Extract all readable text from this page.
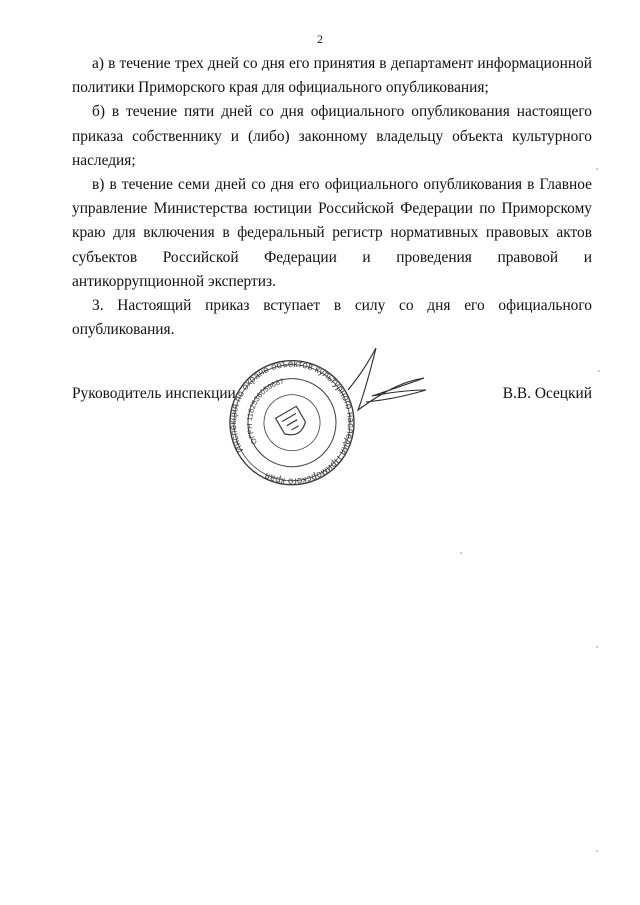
2

а) в течение трех дней со дня его принятия в департамент информационной политики Приморского края для официального опубликования;

б) в течение пяти дней со дня официального опубликования настоящего приказа собственнику и (либо) законному владельцу объекта культурного наследия;

в) в течение семи дней со дня его официального опубликования в Главное управление Министерства юстиции Российской Федерации по Приморскому краю для включения в федеральный регистр нормативных правовых актов субъектов Российской Федерации и проведения правовой и антикоррупционной экспертиз.

3. Настоящий приказ вступает в силу со дня его официального опубликования.

Руководитель инспекции	В.В. Осецкий
Инспекция по охране объектов культурного наследия Приморского края
ОГРН 1162536059687
